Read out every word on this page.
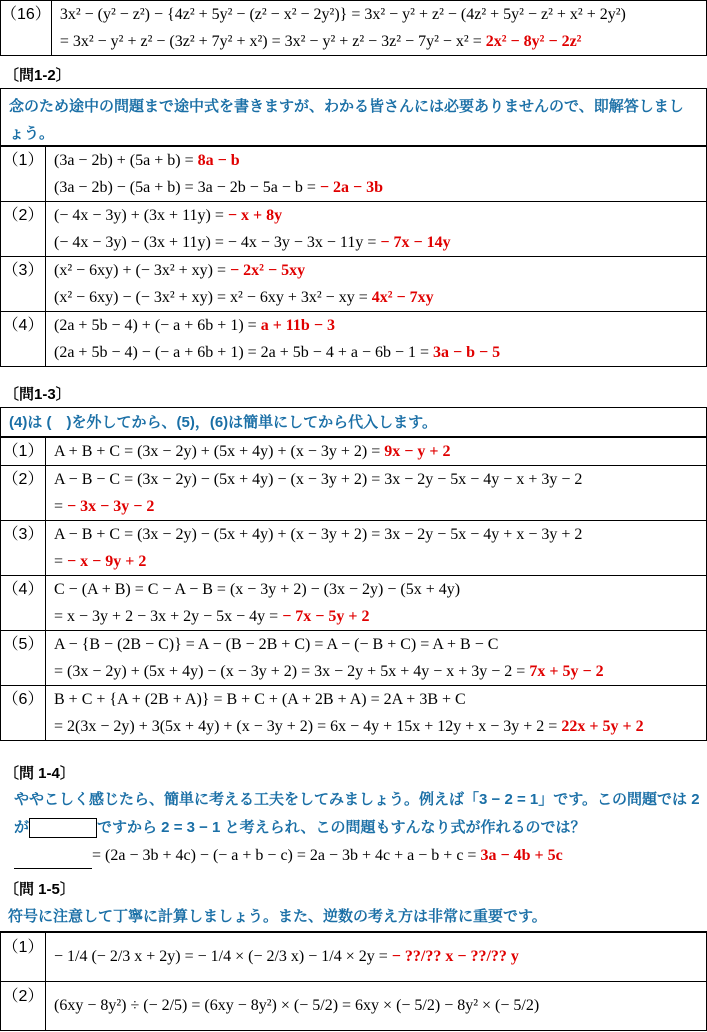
（16）	3x² − (y² − z²) − {4z² + 5y² − (z² − x² − 2y²)} = 3x² − y² + z² − (4z² + 5y² − z² + x² + 2y²)
= 3x² − y² + z² − (3z² + 7y² + x²) = 3x² − y² + z² − 3z² − 7y² − x² = 2x² − 8y² − 2z²
〔問1-2〕
念のため途中の問題まで途中式を書きますが、わかる皆さんには必要ありませんので、即解答しましょう。
（1）	(3a − 2b) + (5a + b) = 8a − b
(3a − 2b) − (5a + b) = 3a − 2b − 5a − b = − 2a − 3b

（2）	(− 4x − 3y) + (3x + 11y) = − x + 8y
(− 4x − 3y) − (3x + 11y) = − 4x − 3y − 3x − 11y = − 7x − 14y

（3）	(x² − 6xy) + (− 3x² + xy) = − 2x² − 5xy
(x² − 6xy) − (− 3x² + xy) = x² − 6xy + 3x² − xy = 4x² − 7xy

（4）	(2a + 5b − 4) + (− a + 6b + 1) = a + 11b − 3
(2a + 5b − 4) − (− a + 6b + 1) = 2a + 5b − 4 + a − 6b − 1 = 3a − b − 5
〔問1-3〕
(4)は (　)を外してから、(5)，(6)は簡単にしてから代入します。
（1）	A + B + C = (3x − 2y) + (5x + 4y) + (x − 3y + 2) = 9x − y + 2

（2）	A − B − C = (3x − 2y) − (5x + 4y) − (x − 3y + 2) = 3x − 2y − 5x − 4y − x + 3y − 2
= − 3x − 3y − 2

（3）	A − B + C = (3x − 2y) − (5x + 4y) + (x − 3y + 2) = 3x − 2y − 5x − 4y + x − 3y + 2
= − x − 9y + 2

（4）	C − (A + B) = C − A − B = (x − 3y + 2) − (3x − 2y) − (5x + 4y)
= x − 3y + 2 − 3x + 2y − 5x − 4y = − 7x − 5y + 2

（5）	A − {B − (2B − C)} = A − (B − 2B + C) = A − (− B + C) = A + B − C
= (3x − 2y) + (5x + 4y) − (x − 3y + 2) = 3x − 2y + 5x + 4y − x + 3y − 2 = 7x + 5y − 2

（6）	B + C + {A + (2B + A)} = B + C + (A + 2B + A) = 2A + 3B + C
= 2(3x − 2y) + 3(5x + 4y) + (x − 3y + 2) = 6x − 4y + 15x + 12y + x − 3y + 2 = 22x + 5y + 2
〔問 1-4〕
ややこしく感じたら、簡単に考える工夫をしてみましょう。例えば「3 − 2 = 1」です。この問題では 2
が	ですから 2 = 3 − 1 と考えられ、この問題もすんなり式が作れるのでは？
= (2a − 3b + 4c) − (− a + b − c) = 2a − 3b + 4c + a − b + c = 3a − 4b + 5c
〔問 1-5〕
符号に注意して丁寧に計算しましょう。また、逆数の考え方は非常に重要です。
（1）	− 1/4 (− 2/3 x + 2y) = − 1/4 × (− 2/3 x) − 1/4 × 2y = − ??/?? x − ??/?? y

（2）	(6xy − 8y²) ÷ (− 2/5) = (6xy − 8y²) × (− 5/2) = 6xy × (− 5/2) − 8y² × (− 5/2)
